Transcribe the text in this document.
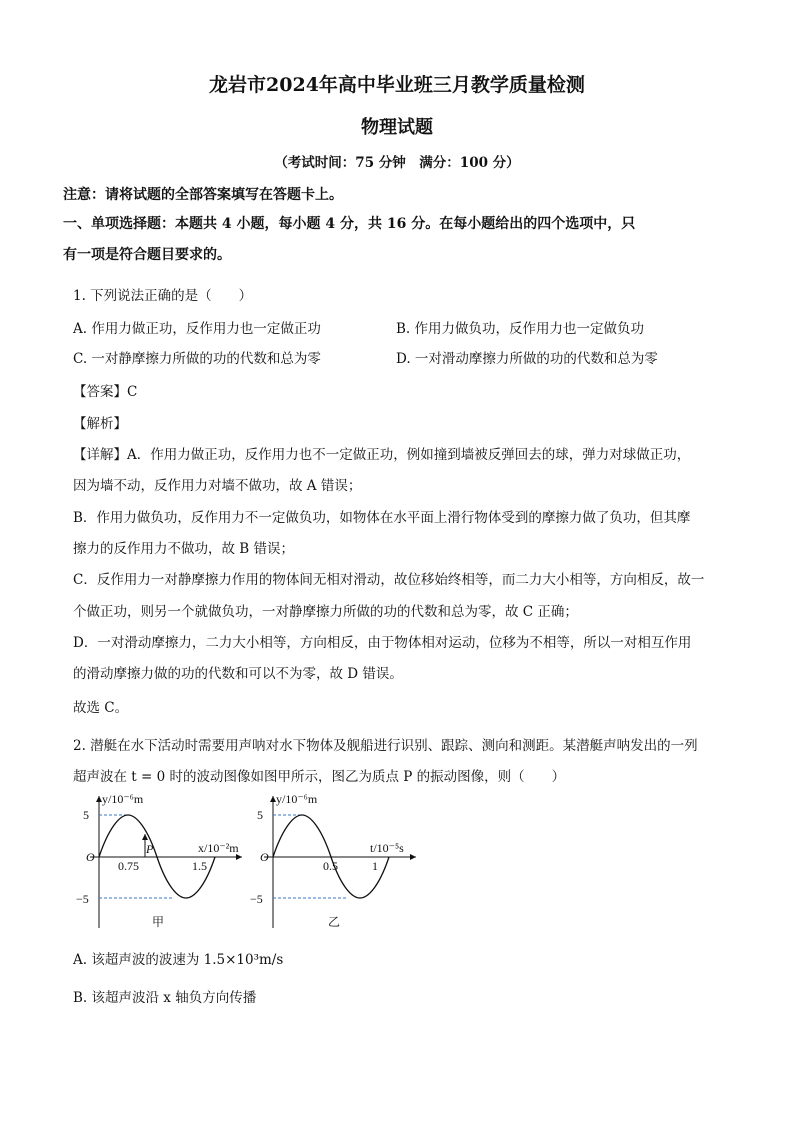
龙岩市2024年高中毕业班三月教学质量检测
物理试题
（考试时间：75 分钟　满分：100 分）
注意：请将试题的全部答案填写在答题卡上。
一、单项选择题：本题共 4 小题，每小题 4 分，共 16 分。在每小题给出的四个选项中，只
有一项是符合题目要求的。
1. 下列说法正确的是（　　）
A. 作用力做正功，反作用力也一定做正功	B. 作用力做负功，反作用力也一定做负功
C. 一对静摩擦力所做的功的代数和总为零	D. 一对滑动摩擦力所做的功的代数和总为零
【答案】C
【解析】
【详解】A．作用力做正功，反作用力也不一定做正功，例如撞到墙被反弹回去的球，弹力对球做正功，
因为墙不动，反作用力对墙不做功，故 A 错误；
B．作用力做负功，反作用力不一定做负功，如物体在水平面上滑行物体受到的摩擦力做了负功，但其摩
擦力的反作用力不做功，故 B 错误；
C．反作用力一对静摩擦力作用的物体间无相对滑动，故位移始终相等，而二力大小相等，方向相反，故一
个做正功，则另一个就做负功，一对静摩擦力所做的功的代数和总为零，故 C 正确；
D．一对滑动摩擦力，二力大小相等，方向相反，由于物体相对运动，位移为不相等，所以一对相互作用
的滑动摩擦力做的功的代数和可以不为零，故 D 错误。
故选 C。
2. 潜艇在水下活动时需要用声呐对水下物体及舰船进行识别、跟踪、测向和测距。某潜艇声呐发出的一列
超声波在 t = 0 时的波动图像如图甲所示，图乙为质点 P 的振动图像，则（　　）
y/10⁻⁶m
x/10⁻²m
5
−5
O
0.75	1.5
P
甲
y/10⁻⁶m
t/10⁻⁵s
5
−5
O
0.5	1
乙
A. 该超声波的波速为 1.5×10³m/s
B. 该超声波沿 x 轴负方向传播
